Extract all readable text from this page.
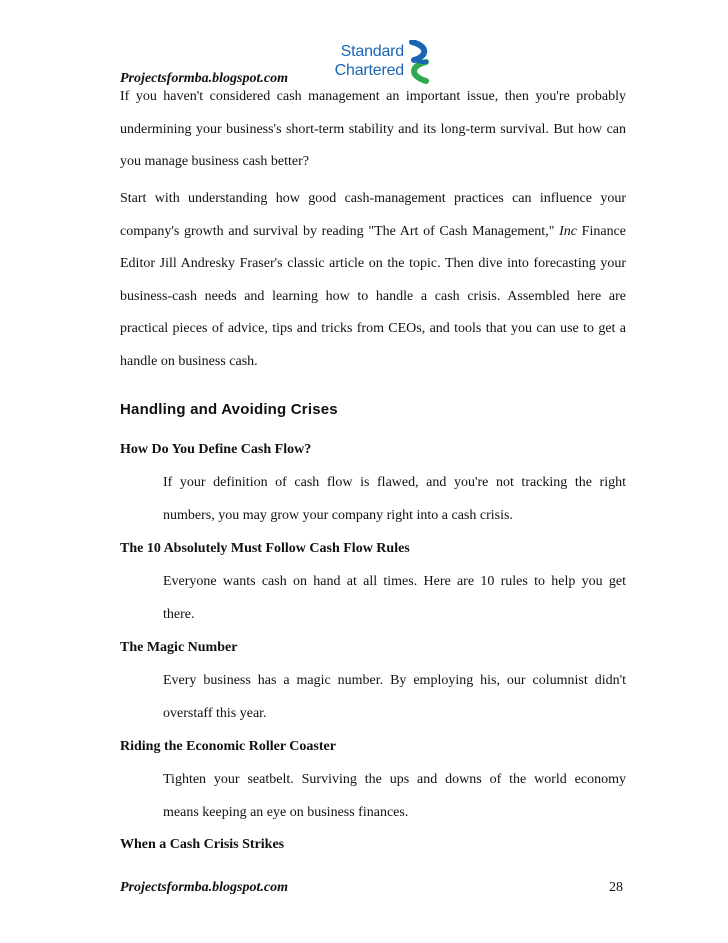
Projectsformba.blogspot.com
Standard
Chartered
If you haven't considered cash management an important issue, then you're probably
undermining your business's short-term stability and its long-term survival. But how can
you manage business cash better?
Start with understanding how good cash-management practices can influence your
company's growth and survival by reading "The Art of Cash Management," Inc Finance
Editor Jill Andresky Fraser's classic article on the topic. Then dive into forecasting your
business-cash needs and learning how to handle a cash crisis. Assembled here are
practical pieces of advice, tips and tricks from CEOs, and tools that you can use to get a
handle on business cash.
Handling and Avoiding Crises
How Do You Define Cash Flow?
If your definition of cash flow is flawed, and you're not tracking the right
numbers, you may grow your company right into a cash crisis.
The 10 Absolutely Must Follow Cash Flow Rules
Everyone wants cash on hand at all times. Here are 10 rules to help you get
there.
The Magic Number
Every business has a magic number. By employing his, our columnist didn't
overstaff this year.
Riding the Economic Roller Coaster
Tighten your seatbelt. Surviving the ups and downs of the world economy
means keeping an eye on business finances.
When a Cash Crisis Strikes
Projectsformba.blogspot.com	28
